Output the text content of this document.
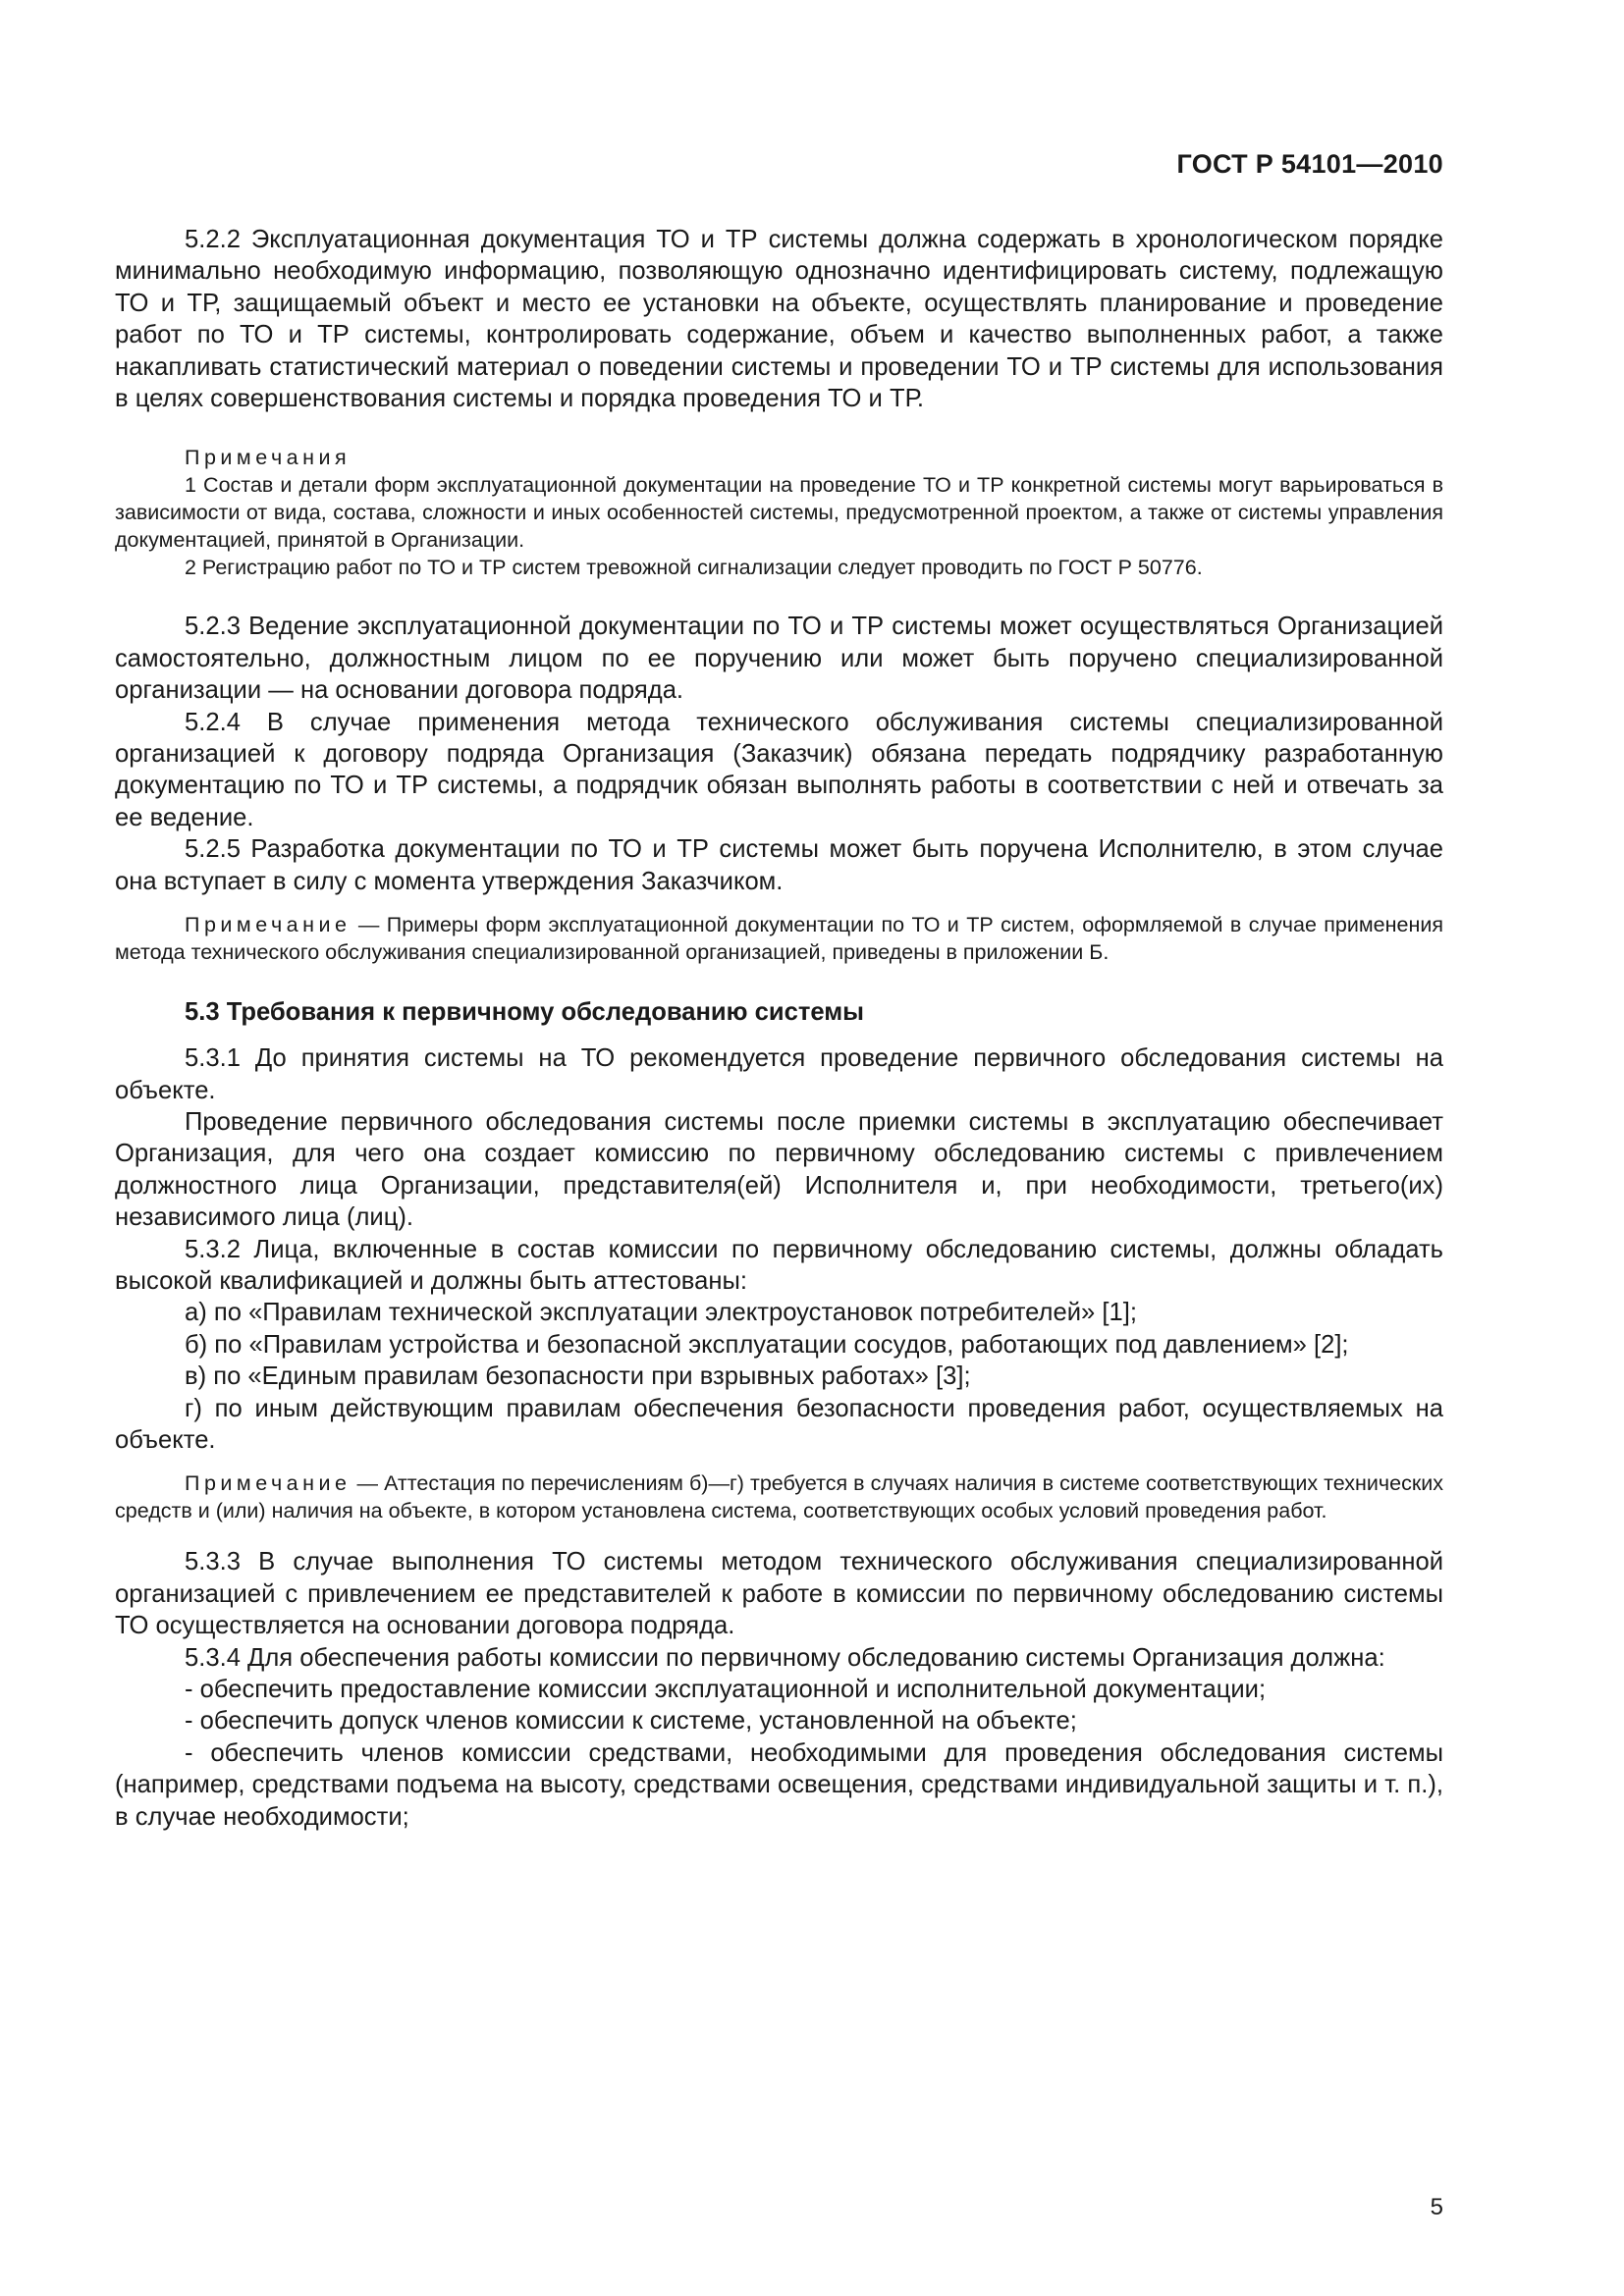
ГОСТ Р 54101—2010

5.2.2 Эксплуатационная документация ТО и ТР системы должна содержать в хронологическом порядке минимально необходимую информацию, позволяющую однозначно идентифицировать систему, подлежащую ТО и ТР, защищаемый объект и место ее установки на объекте, осуществлять планирование и проведение работ по ТО и ТР системы, контролировать содержание, объем и качество выполненных работ, а также накапливать статистический материал о поведении системы и проведении ТО и ТР системы для использования в целях совершенствования системы и порядка проведения ТО и ТР.

Примечания

1 Состав и детали форм эксплуатационной документации на проведение ТО и ТР конкретной системы могут варьироваться в зависимости от вида, состава, сложности и иных особенностей системы, предусмотренной проектом, а также от системы управления документацией, принятой в Организации.

2 Регистрацию работ по ТО и ТР систем тревожной сигнализации следует проводить по ГОСТ Р 50776.

5.2.3 Ведение эксплуатационной документации по ТО и ТР системы может осуществляться Организацией самостоятельно, должностным лицом по ее поручению или может быть поручено специализированной организации — на основании договора подряда.

5.2.4 В случае применения метода технического обслуживания системы специализированной организацией к договору подряда Организация (Заказчик) обязана передать подрядчику разработанную документацию по ТО и ТР системы, а подрядчик обязан выполнять работы в соответствии с ней и отвечать за ее ведение.

5.2.5 Разработка документации по ТО и ТР системы может быть поручена Исполнителю, в этом случае она вступает в силу с момента утверждения Заказчиком.

Примечание — Примеры форм эксплуатационной документации по ТО и ТР систем, оформляемой в случае применения метода технического обслуживания специализированной организацией, приведены в приложении Б.

5.3 Требования к первичному обследованию системы

5.3.1 До принятия системы на ТО рекомендуется проведение первичного обследования системы на объекте.

Проведение первичного обследования системы после приемки системы в эксплуатацию обеспечивает Организация, для чего она создает комиссию по первичному обследованию системы с привлечением должностного лица Организации, представителя(ей) Исполнителя и, при необходимости, третьего(их) независимого лица (лиц).

5.3.2 Лица, включенные в состав комиссии по первичному обследованию системы, должны обладать высокой квалификацией и должны быть аттестованы:

а) по «Правилам технической эксплуатации электроустановок потребителей» [1];

б) по «Правилам устройства и безопасной эксплуатации сосудов, работающих под давлением» [2];

в) по «Единым правилам безопасности при взрывных работах» [3];

г) по иным действующим правилам обеспечения безопасности проведения работ, осуществляемых на объекте.

Примечание — Аттестация по перечислениям б)—г) требуется в случаях наличия в системе соответствующих технических средств и (или) наличия на объекте, в котором установлена система, соответствующих особых условий проведения работ.

5.3.3 В случае выполнения ТО системы методом технического обслуживания специализированной организацией с привлечением ее представителей к работе в комиссии по первичному обследованию системы ТО осуществляется на основании договора подряда.

5.3.4 Для обеспечения работы комиссии по первичному обследованию системы Организация должна:

- обеспечить предоставление комиссии эксплуатационной и исполнительной документации;

- обеспечить допуск членов комиссии к системе, установленной на объекте;

- обеспечить членов комиссии средствами, необходимыми для проведения обследования системы (например, средствами подъема на высоту, средствами освещения, средствами индивидуальной защиты и т. п.), в случае необходимости;

5
